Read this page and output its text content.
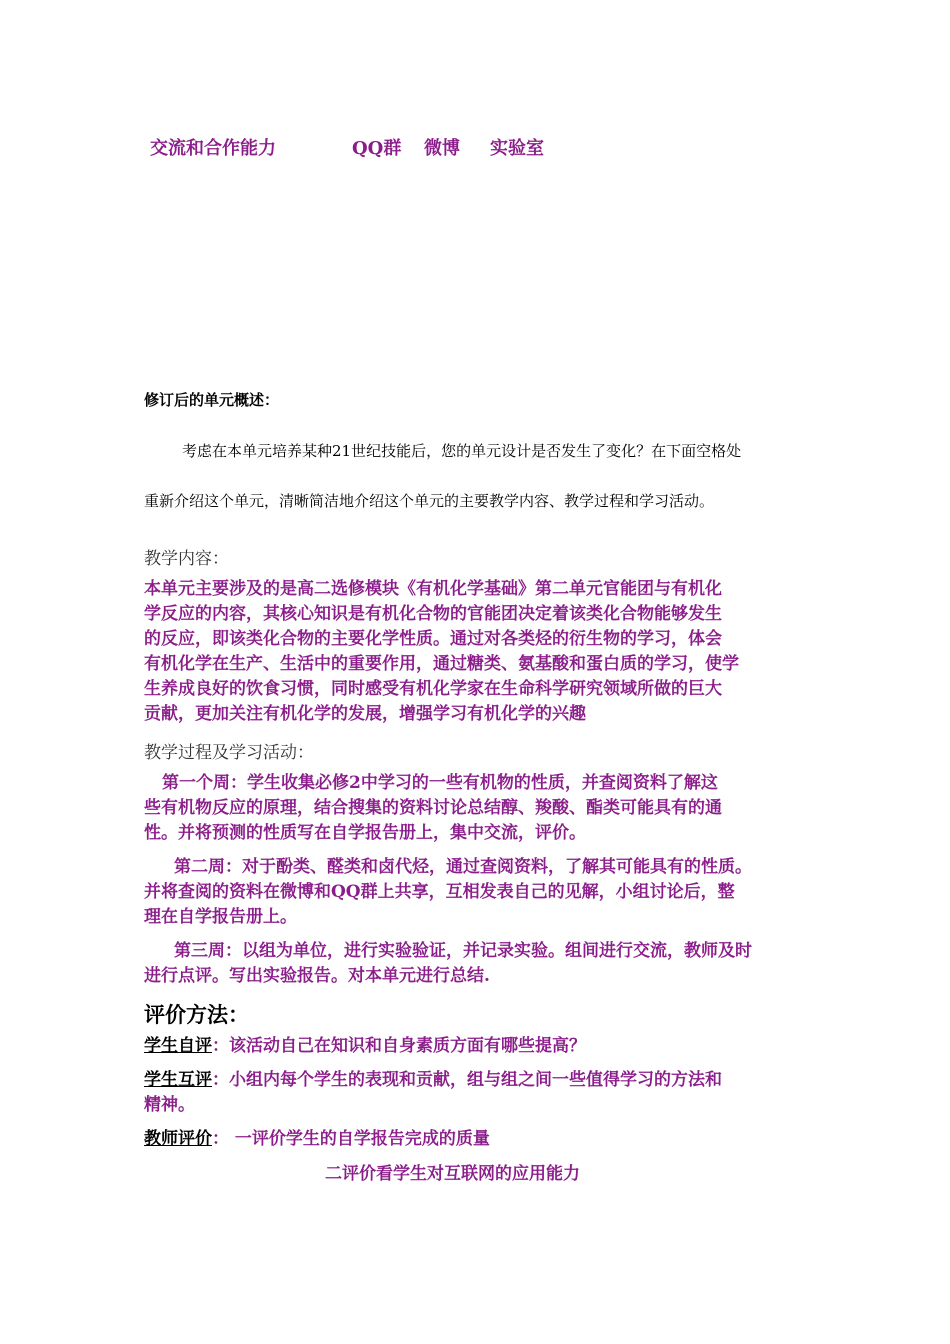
交流和合作能力	QQ群 微博 实验室
修订后的单元概述：
考虑在本单元培养某种21世纪技能后，您的单元设计是否发生了变化？在下面空格处
重新介绍这个单元，清晰简洁地介绍这个单元的主要教学内容、教学过程和学习活动。
教学内容：
本单元主要涉及的是高二选修模块《有机化学基础》第二单元官能团与有机化
学反应的内容，其核心知识是有机化合物的官能团决定着该类化合物能够发生
的反应，即该类化合物的主要化学性质。通过对各类烃的衍生物的学习，体会
有机化学在生产、生活中的重要作用，通过糖类、氨基酸和蛋白质的学习，使学
生养成良好的饮食习惯，同时感受有机化学家在生命科学研究领域所做的巨大
贡献，更加关注有机化学的发展，增强学习有机化学的兴趣
教学过程及学习活动：
第一个周：学生收集必修2中学习的一些有机物的性质，并查阅资料了解这
些有机物反应的原理，结合搜集的资料讨论总结醇、羧酸、酯类可能具有的通
性。并将预测的性质写在自学报告册上，集中交流，评价。
第二周：对于酚类、醛类和卤代烃，通过查阅资料，了解其可能具有的性质。
并将查阅的资料在微博和QQ群上共享，互相发表自己的见解，小组讨论后，整
理在自学报告册上。
第三周：以组为单位，进行实验验证，并记录实验。组间进行交流，教师及时
进行点评。写出实验报告。对本单元进行总结.
评价方法：
学生自评：该活动自己在知识和自身素质方面有哪些提高？
学生互评：小组内每个学生的表现和贡献，组与组之间一些值得学习的方法和
精神。
教师评价： 一评价学生的自学报告完成的质量
二评价看学生对互联网的应用能力
